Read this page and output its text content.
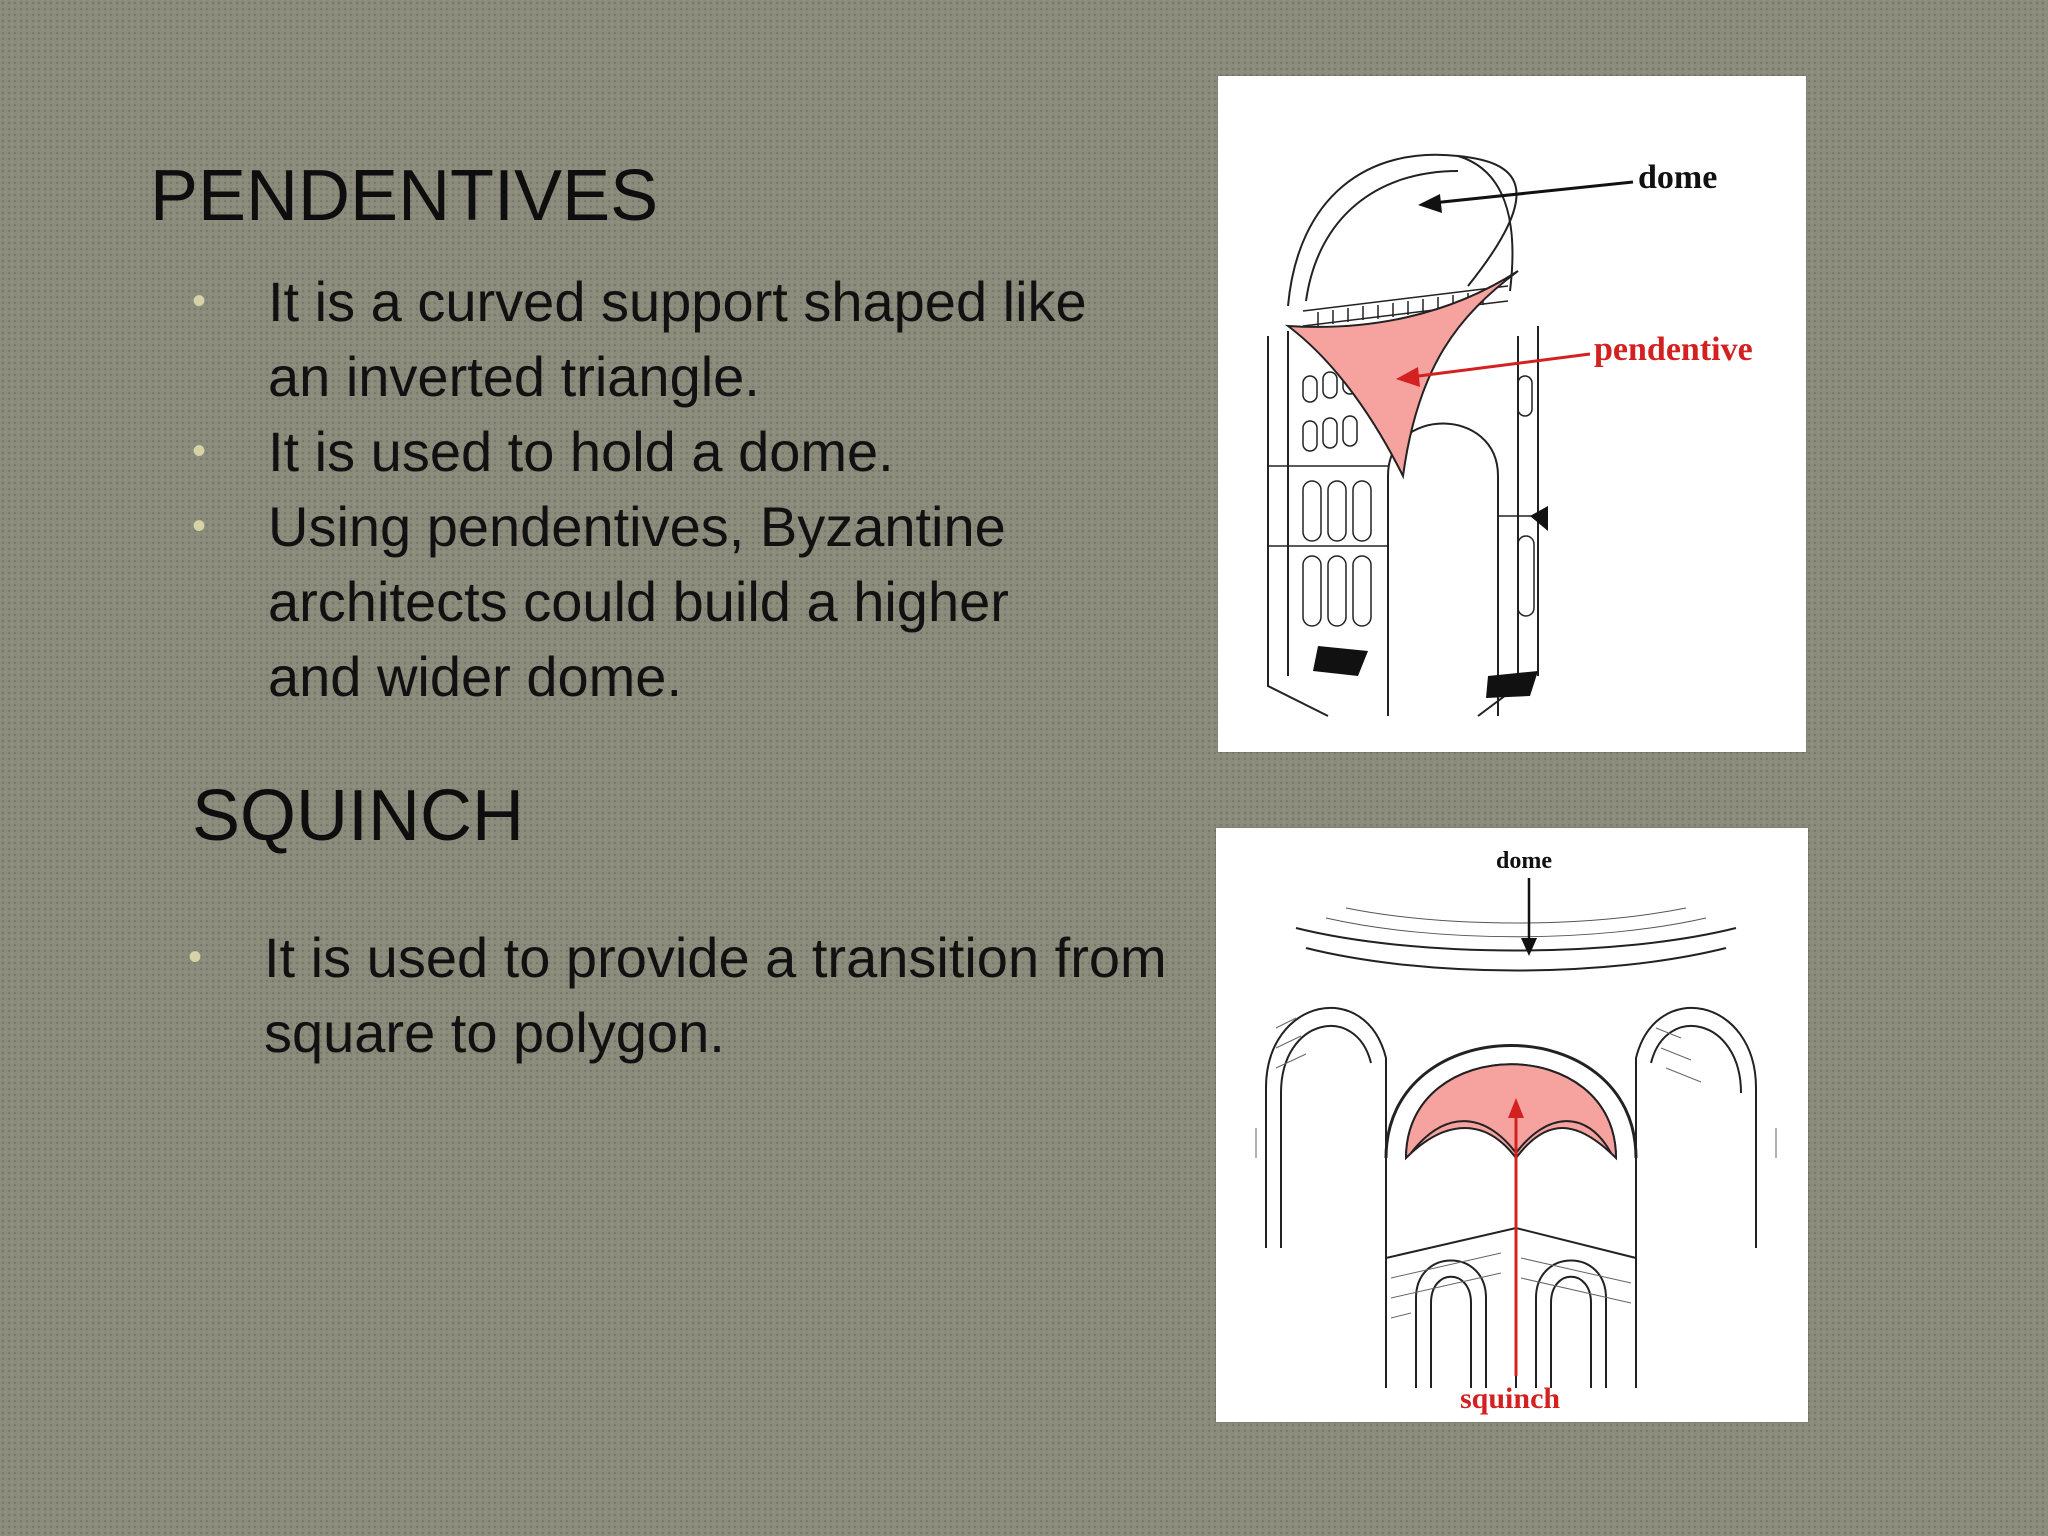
PENDENTIVES
• It is a curved support shaped like an inverted triangle.
• It is used to hold a dome.
• Using pendentives, Byzantine architects could build a higher and wider dome.
SQUINCH
• It is used to provide a transition from square to polygon.
dome
pendentive
dome
squinch
